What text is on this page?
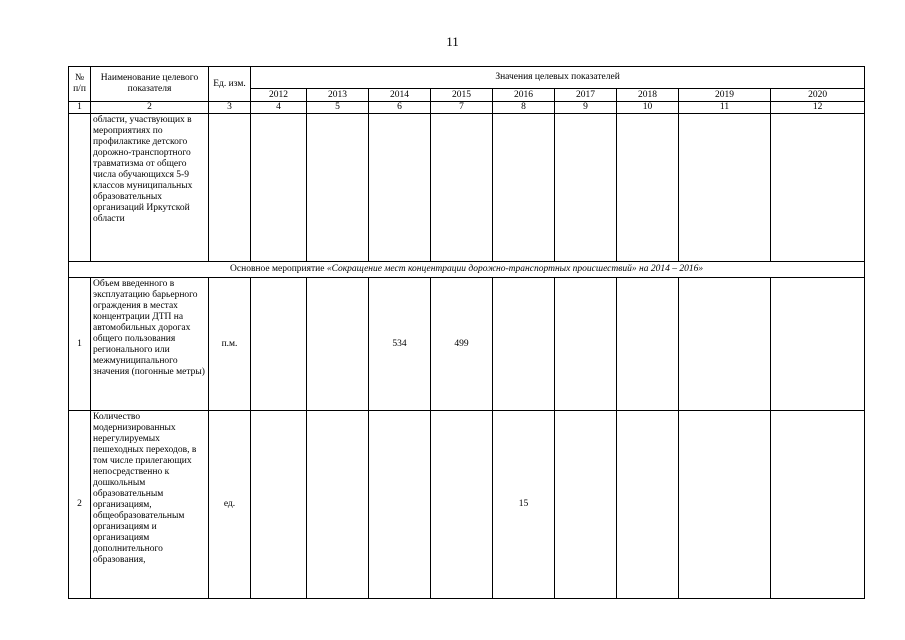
11
№ п/п	Наименование целевого показателя	Ед. изм.	Значения целевых показателей								
			2012	2013	2014	2015	2016	2017	2018	2019	2020
1	2	3	4	5	6	7	8	9	10	11	12
	области, участвующих в мероприятиях по профилактике детского дорожно-транспортного травматизма от общего числа обучающихся 5-9 классов муниципальных образовательных организаций Иркутской области										
Основное мероприятие «Сокращение мест концентрации дорожно-транспортных происшествий» на 2014 – 2016»											
1	Объем введенного в эксплуатацию барьерного ограждения в местах концентрации ДТП на автомобильных дорогах общего пользования регионального или межмуниципального значения (погонные метры)	п.м.			534	499					
2	Количество модернизированных нерегулируемых пешеходных переходов, в том числе прилегающих непосредственно к дошкольным образовательным организациям, общеобразовательным организациям и организациям дополнительного образования,	ед.					15				
